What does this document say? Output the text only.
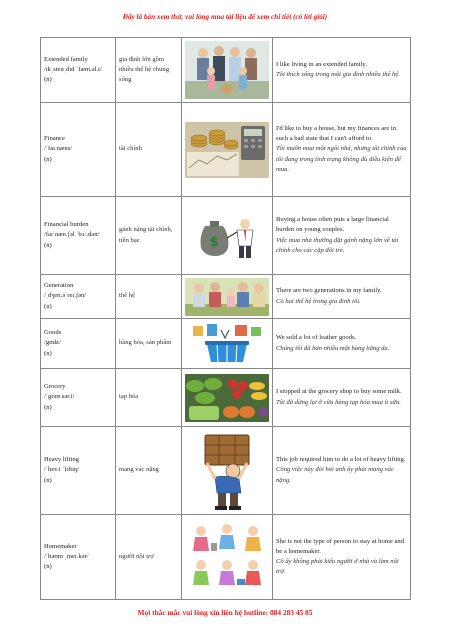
Đây là bản xem thử, vui lòng mua tài liệu để xem chi tiết (có lời giải)
Extended family
/ɪkˌstenˌdɪd ˈfæm.əl.i/
(n)	gia đình lớn gồm nhiều thế hệ chung sống		I like living in an extended family.
Tôi thích sống trong một gia đình nhiều thế hệ.

Finance
/ˈfaɪ.næns/
(n)	tài chính		I'd like to buy a house, but my finances are in such a bad state that I can't afford to.
Tôi muốn mua một ngôi nhà, nhưng tài chính của tôi đang trong tình trạng không đủ điều kiện để mua.

Financial burden
/faɪˈnæn.ʃəl ˈbɜː.dən/
(n)	gánh nặng tài chính, tiền bạc	$	Buying a house often puts a large financial burden on young couples.
Việc mua nhà thường đặt gánh nặng lớn về tài chính cho các cặp đôi trẻ.

Generation
/ˌdʒen.əˈreɪ.ʃən/
(n)	thế hệ		There are two generations in my family.
Có hai thế hệ trong gia đình tôi.

Goods
/gʊdz/
(n)	hàng hóa, sản phẩm		We sold a lot of leather goods.
Chúng tôi đã bán nhiều mặt hàng bằng da.

Grocery
/ˈgrəʊ.sər.i/
(n)	tạp hóa		I stopped at the grocery shop to buy some milk.
Tôi đã dừng lại ở cửa hàng tạp hóa mua ít sữa.

Heavy lifting
/ˈhev.i ˈlɪftɪŋ/
(n)	mang vác nặng		This job required him to do a lot of heavy lifting.
Công việc này đòi hỏi anh ấy phải mang vác nặng.

Homemaker
/ˈhəʊm ˌmeɪ.kər/
(n)	người nội trợ		She is not the type of person to stay at home and be a homemaker.
Cô ấy không phải kiểu người ở nhà và làm nội trợ.
Mọi thắc mắc vui lòng xin liên hệ hotline: 084 283 45 85
